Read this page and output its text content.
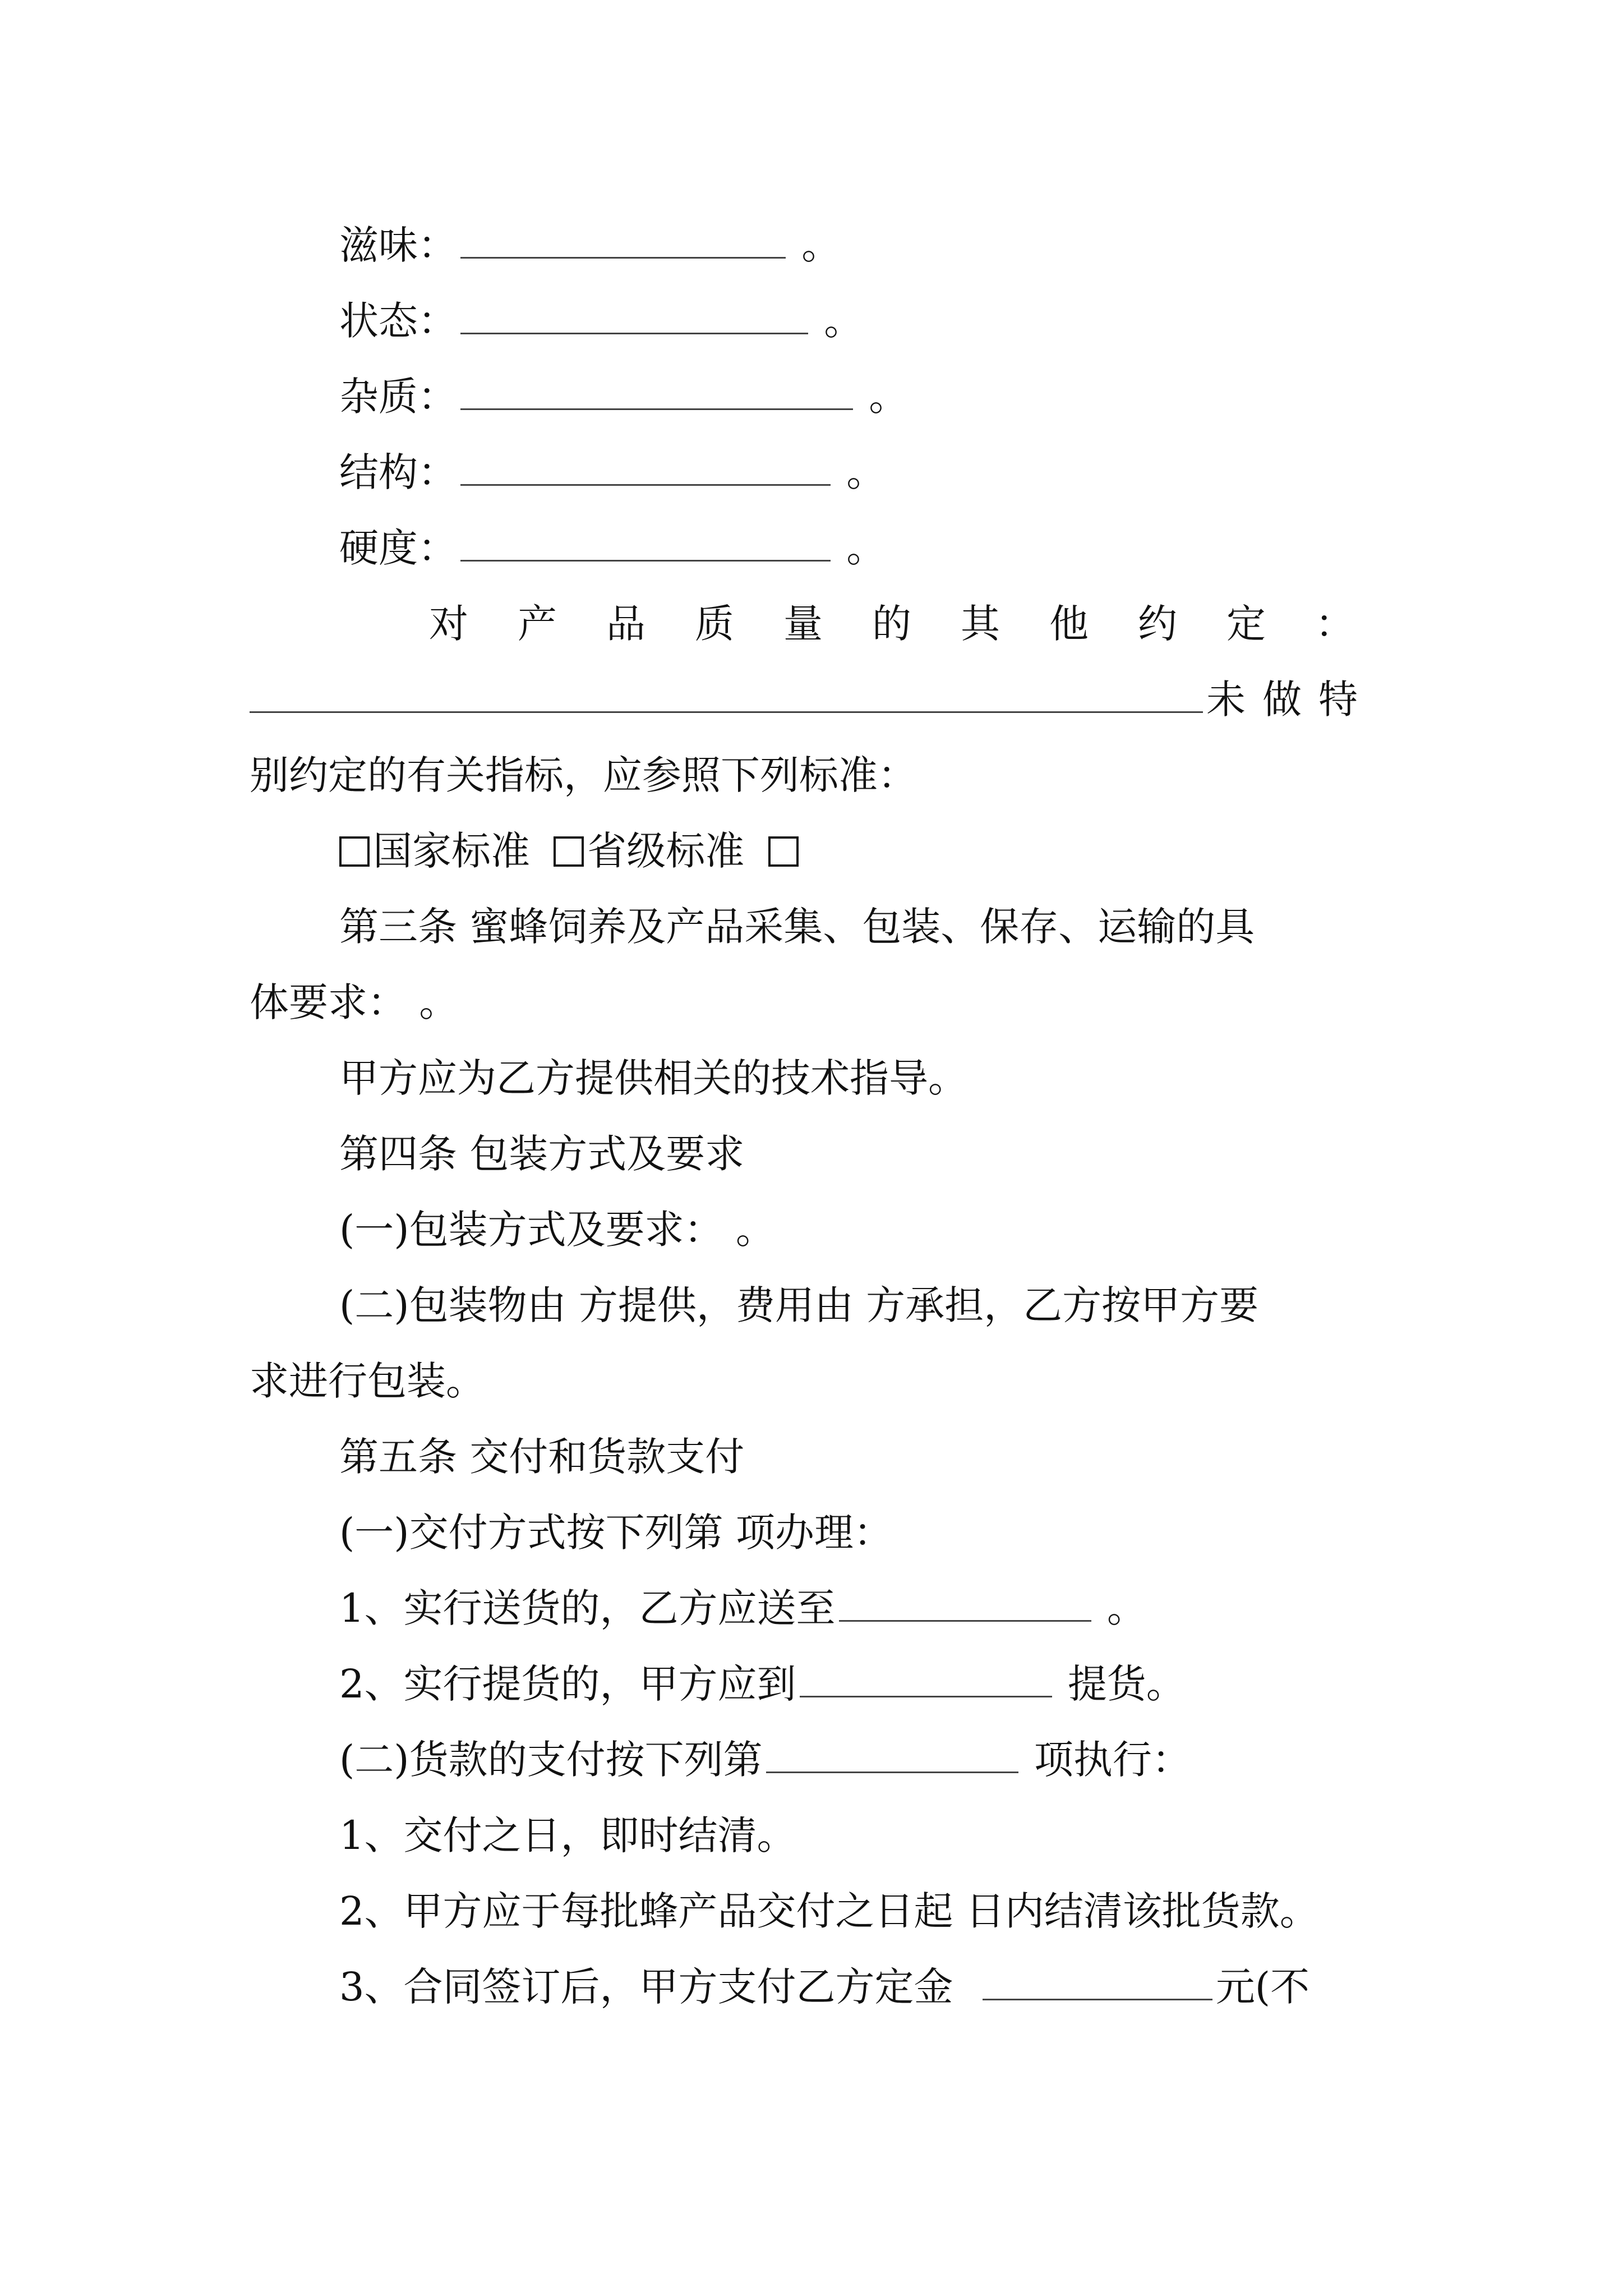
滋味：	。
状态：	。
杂质：	。
结构：	。
硬度：	。
对产品质量的其他约定：
未做特
别约定的有关指标，应参照下列标准：
国家标准 省级标准
第三条 蜜蜂饲养及产品采集、包装、保存、运输的具
体要求： 。
甲方应为乙方提供相关的技术指导。
第四条 包装方式及要求
(一)包装方式及要求： 。
(二)包装物由 方提供，费用由 方承担，乙方按甲方要
求进行包装。
第五条 交付和货款支付
(一)交付方式按下列第 项办理：
1、实行送货的，乙方应送至	。
2、实行提货的，甲方应到	提货。
(二)货款的支付按下列第	项执行：
1、交付之日，即时结清。
2、甲方应于每批蜂产品交付之日起 日内结清该批货款。
3、合同签订后，甲方支付乙方定金	元(不
